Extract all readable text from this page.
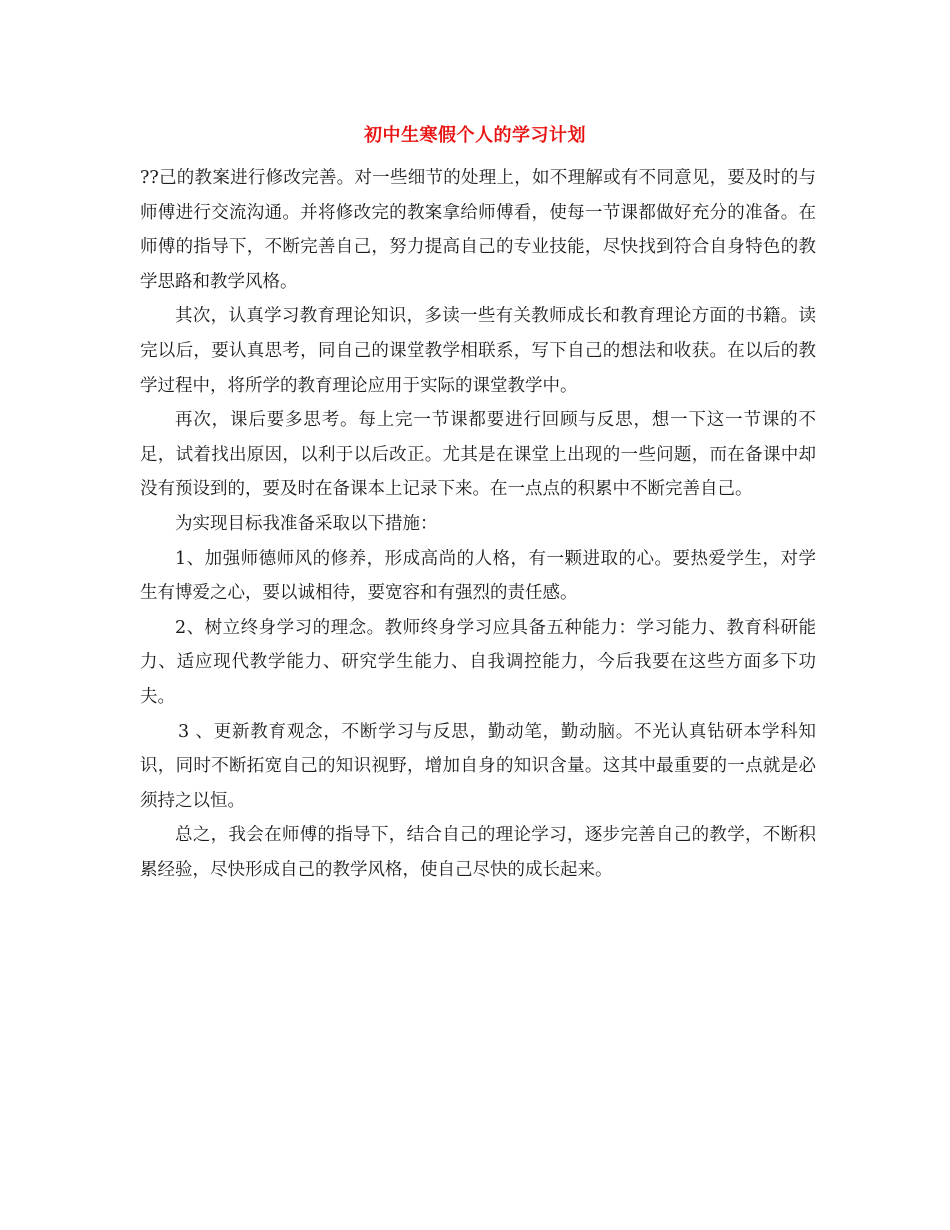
初中生寒假个人的学习计划

??己的教案进行修改完善。对一些细节的处理上，如不理解或有不同意见，要及时的与师傅进行交流沟通。并将修改完的教案拿给师傅看，使每一节课都做好充分的准备。在师傅的指导下，不断完善自己，努力提高自己的专业技能，尽快找到符合自身特色的教学思路和教学风格。

其次，认真学习教育理论知识，多读一些有关教师成长和教育理论方面的书籍。读完以后，要认真思考，同自己的课堂教学相联系，写下自己的想法和收获。在以后的教学过程中，将所学的教育理论应用于实际的课堂教学中。

再次，课后要多思考。每上完一节课都要进行回顾与反思，想一下这一节课的不足，试着找出原因，以利于以后改正。尤其是在课堂上出现的一些问题，而在备课中却没有预设到的，要及时在备课本上记录下来。在一点点的积累中不断完善自己。

为实现目标我准备采取以下措施：

1、加强师德师风的修养，形成高尚的人格，有一颗进取的心。要热爱学生，对学生有博爱之心，要以诚相待，要宽容和有强烈的责任感。

2、树立终身学习的理念。教师终身学习应具备五种能力：学习能力、教育科研能力、适应现代教学能力、研究学生能力、自我调控能力，今后我要在这些方面多下功夫。

3 、更新教育观念，不断学习与反思，勤动笔，勤动脑。不光认真钻研本学科知识，同时不断拓宽自己的知识视野，增加自身的知识含量。这其中最重要的一点就是必须持之以恒。

总之，我会在师傅的指导下，结合自己的理论学习，逐步完善自己的教学，不断积累经验，尽快形成自己的教学风格，使自己尽快的成长起来。
